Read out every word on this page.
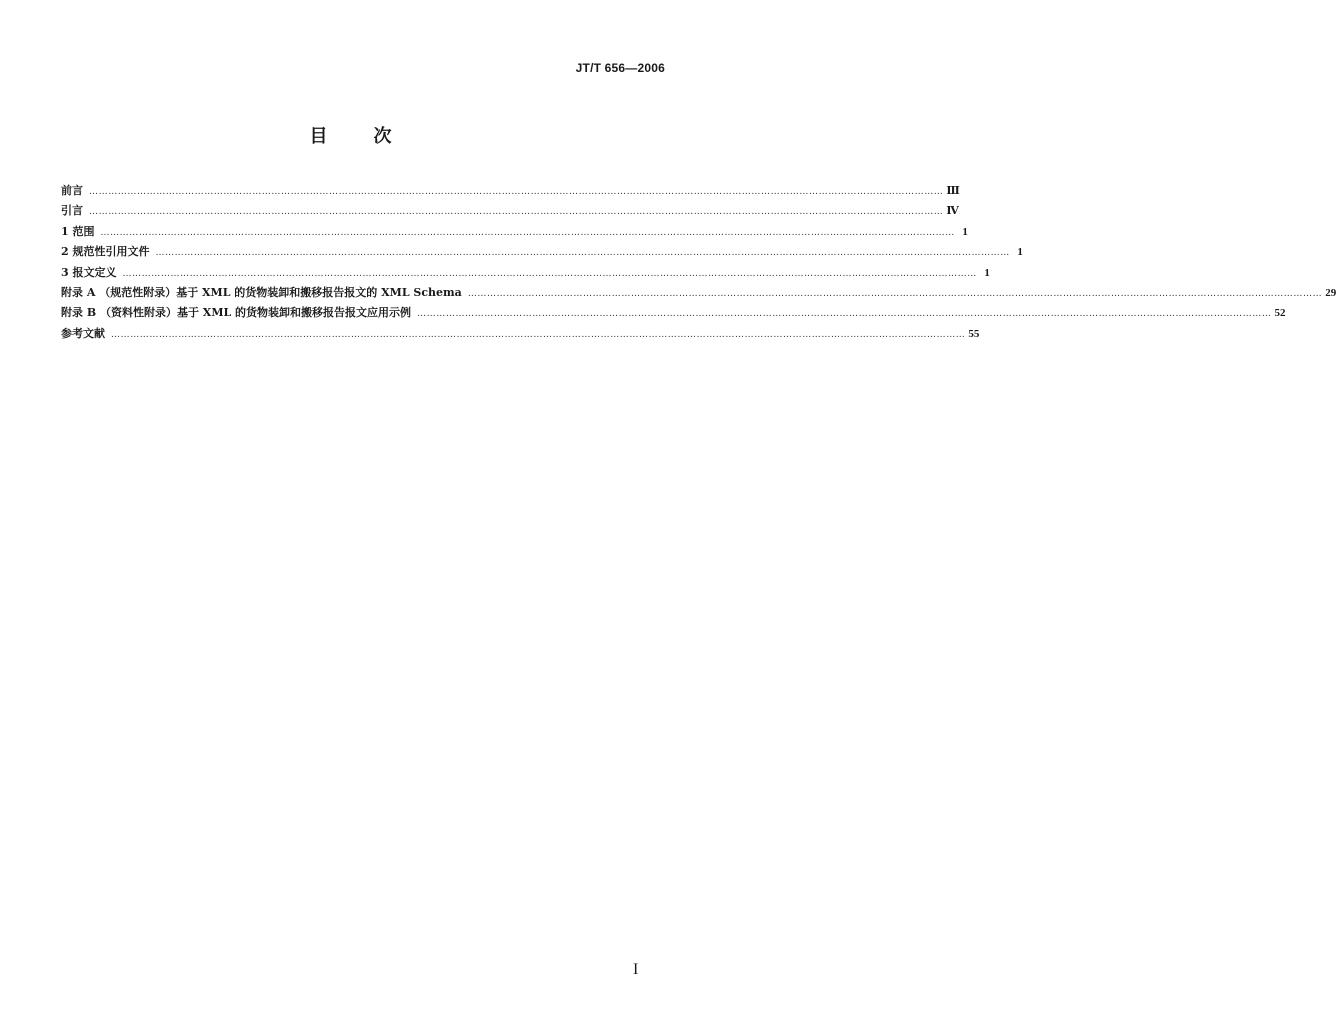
JT/T 656—2006
目次
前言 …………………………………………………………………………………………………………………………………………………………………………………………………………………………………………… Ⅲ
引言 …………………………………………………………………………………………………………………………………………………………………………………………………………………………………………… Ⅳ
1 范围 …………………………………………………………………………………………………………………………………………………………………………………………………………………………………………… 1
2 规范性引用文件 …………………………………………………………………………………………………………………………………………………………………………………………………………………………………………… 1
3 报文定义 …………………………………………………………………………………………………………………………………………………………………………………………………………………………………………… 1
附录 A （规范性附录）基于 XML 的货物装卸和搬移报告报文的 XML Schema …………………………………………………………………………………………………………………………………………………………………………………………………………………………………………… 29
附录 B （资料性附录）基于 XML 的货物装卸和搬移报告报文应用示例 …………………………………………………………………………………………………………………………………………………………………………………………………………………………………………… 52
参考文献 …………………………………………………………………………………………………………………………………………………………………………………………………………………………………………… 55
I
